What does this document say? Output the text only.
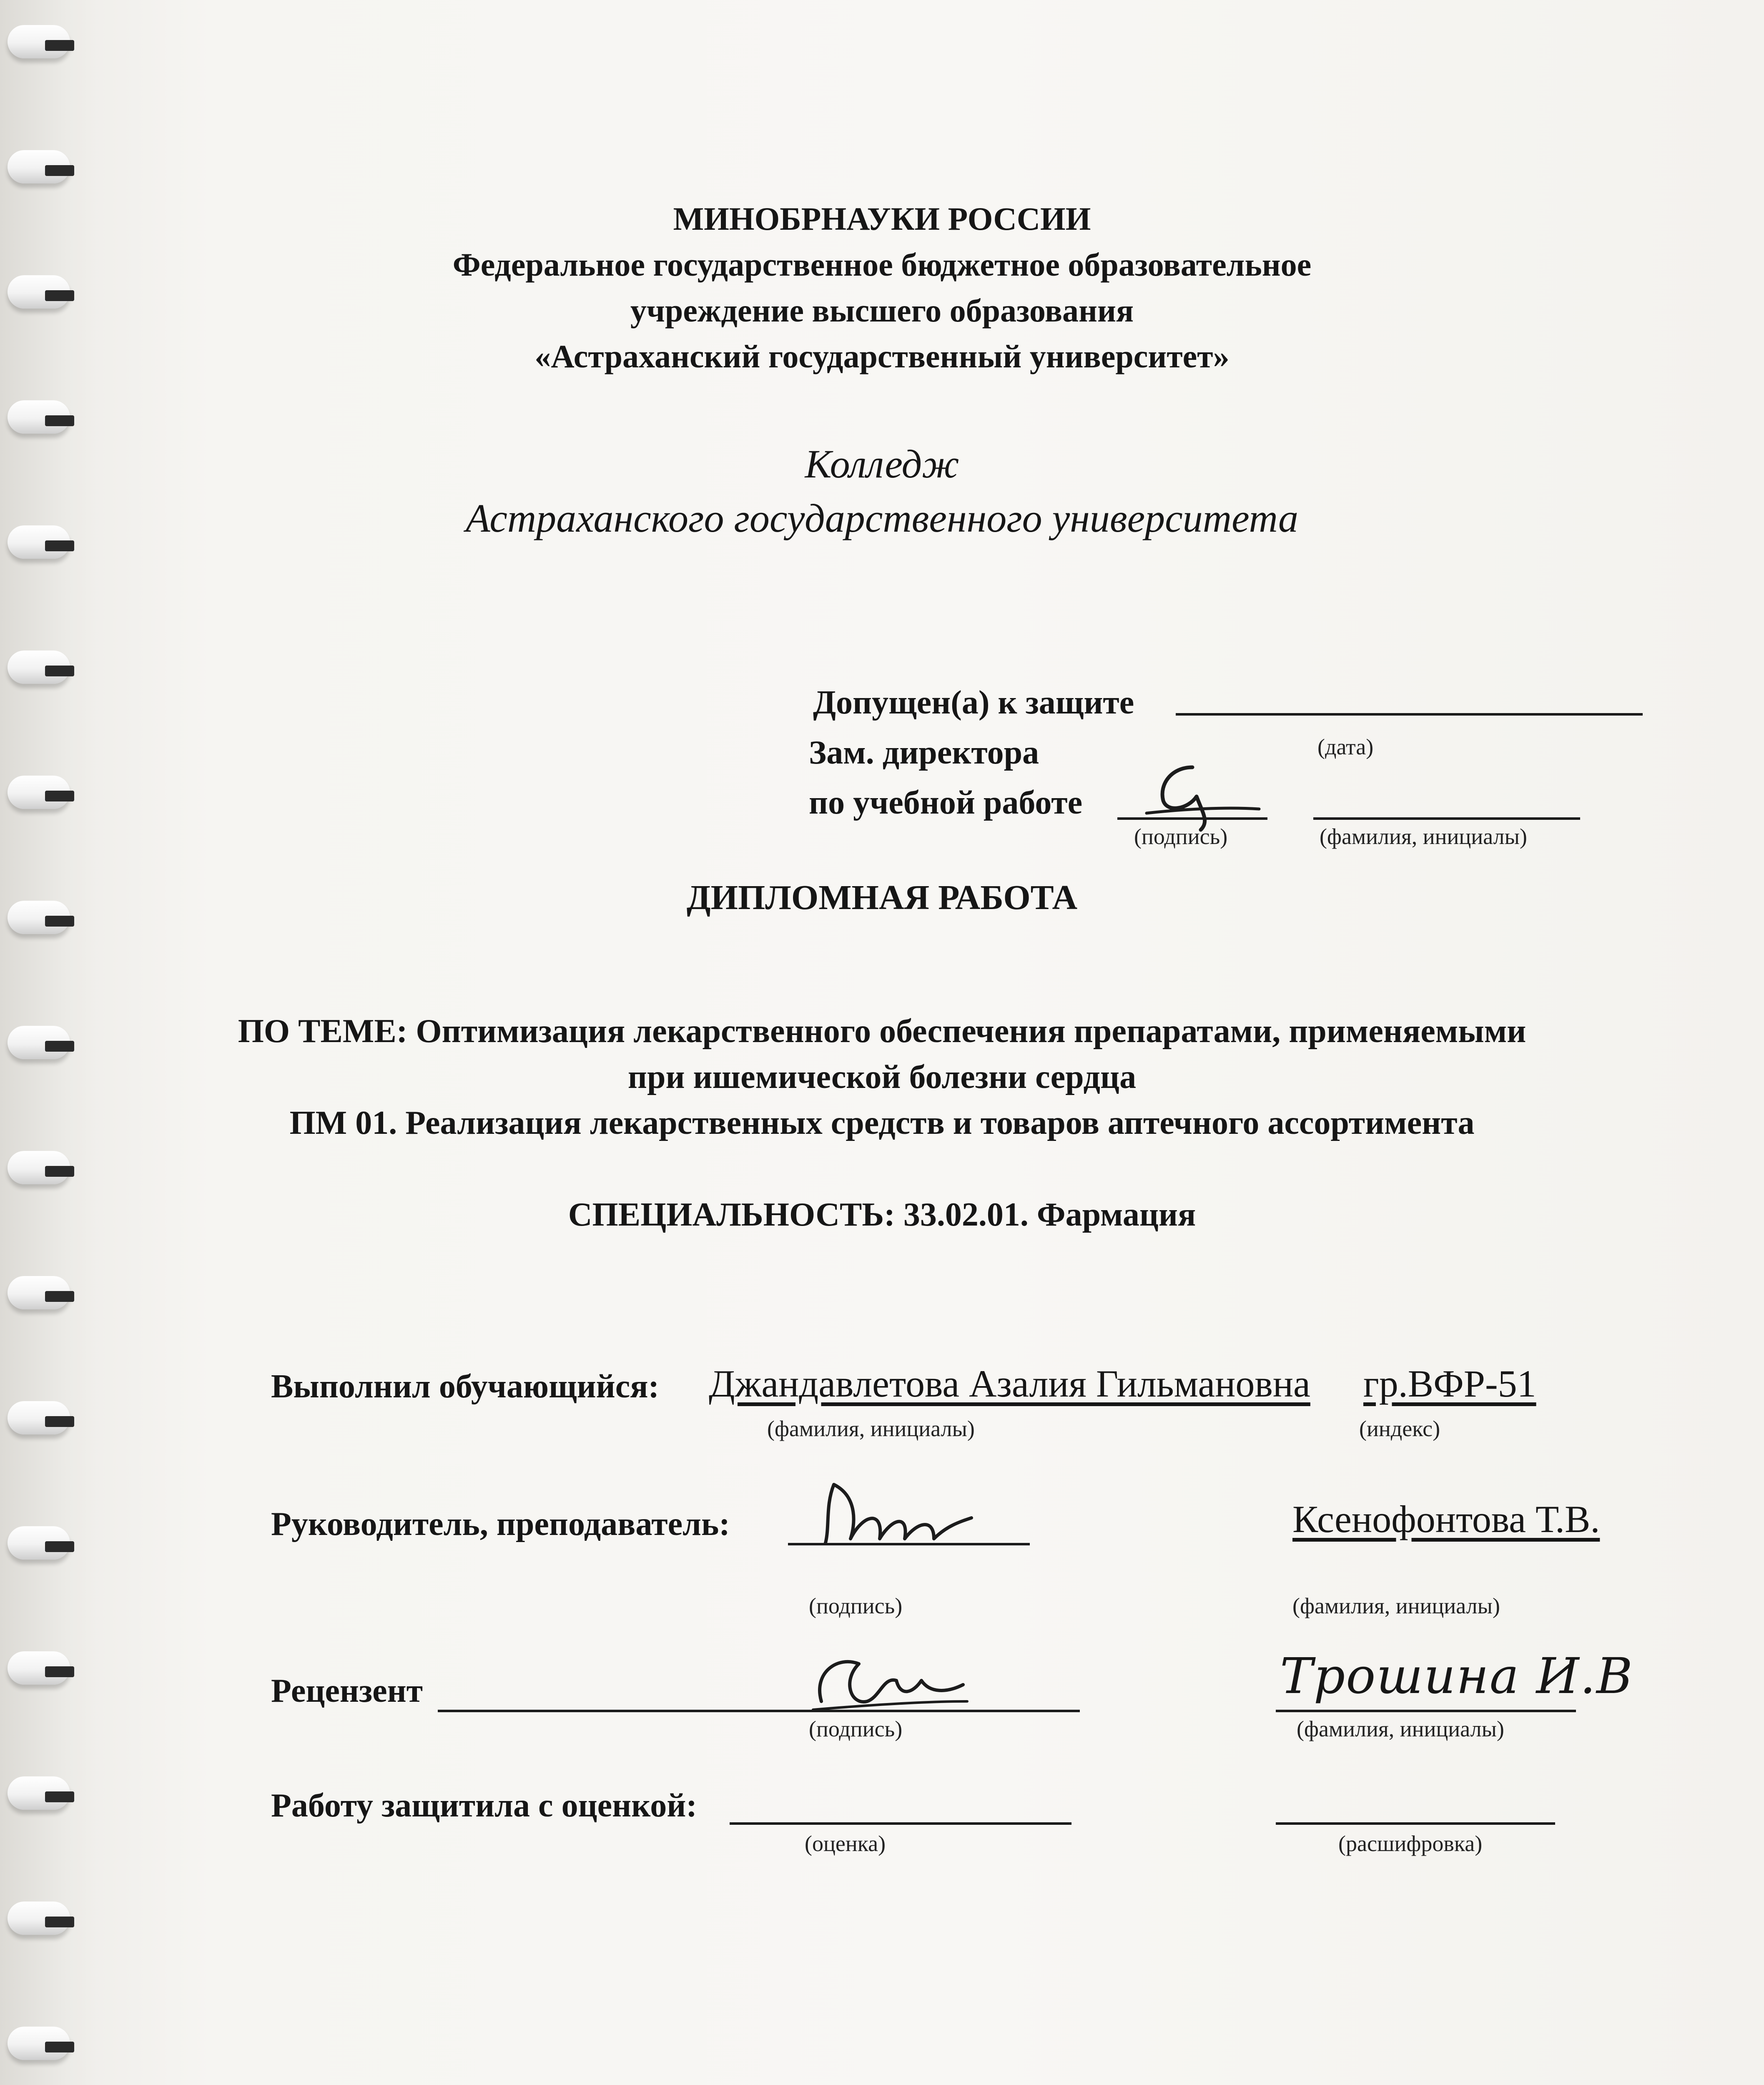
МИНОБРНАУКИ РОССИИ
Федеральное государственное бюджетное образовательное
учреждение высшего образования
«Астраханский государственный университет»
Колледж
Астраханского государственного университета
Допущен(а) к защите
(дата)
Зам. директора
по учебной работе
(подпись)	(фамилия, инициалы)
ДИПЛОМНАЯ РАБОТА
ПО ТЕМЕ: Оптимизация лекарственного обеспечения препаратами, применяемыми
при ишемической болезни сердца
ПМ 01. Реализация лекарственных средств и товаров аптечного ассортимента
СПЕЦИАЛЬНОСТЬ: 33.02.01. Фармация
Выполнил обучающийся: Джандавлетова Азалия Гильмановна гр.ВФР-51
(фамилия, инициалы)	(индекс)
Руководитель, преподаватель:	Ксенофонтова Т.В.
(подпись)	(фамилия, инициалы)
Рецензент	Трошина И.В
(подпись)	(фамилия, инициалы)
Работу защитила с оценкой:
(оценка)	(расшифровка)
